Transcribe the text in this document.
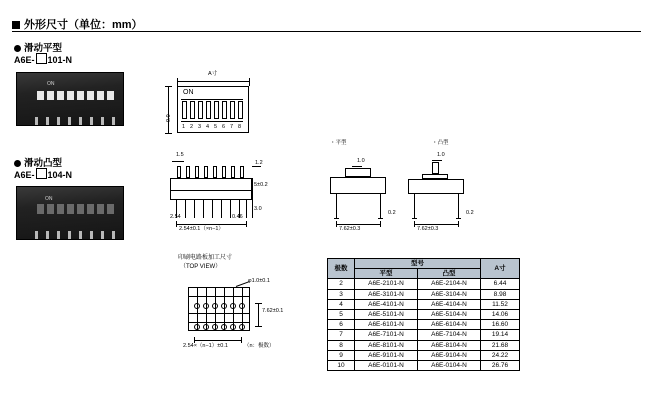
外形尺寸（单位：mm）
滑动平型
A6E- 101-N
ON
滑动凸型
A6E- 104-N
ON
A寸
ON
1 2 3 4 5 6 7 8
9.0
1.5
1.2
5±0.2
3.0
2.54±0.1（×n−1）
2.54	0.46
・平型
1.0
7.62±0.3
0.2
・凸型
1.0
7.62±0.3
0.2
印刷电路板加工尺寸
（TOP VIEW）
φ1.0±0.1
7.62±0.1
2.54×（n−1）±0.1	（n：极数）
极数	型号		A寸
	平型	凸型	
2	A6E-2101-N	A6E-2104-N	6.44
3	A6E-3101-N	A6E-3104-N	8.98
4	A6E-4101-N	A6E-4104-N	11.52
5	A6E-5101-N	A6E-5104-N	14.06
6	A6E-6101-N	A6E-6104-N	16.60
7	A6E-7101-N	A6E-7104-N	19.14
8	A6E-8101-N	A6E-8104-N	21.68
9	A6E-9101-N	A6E-9104-N	24.22
10	A6E-0101-N	A6E-0104-N	26.76
